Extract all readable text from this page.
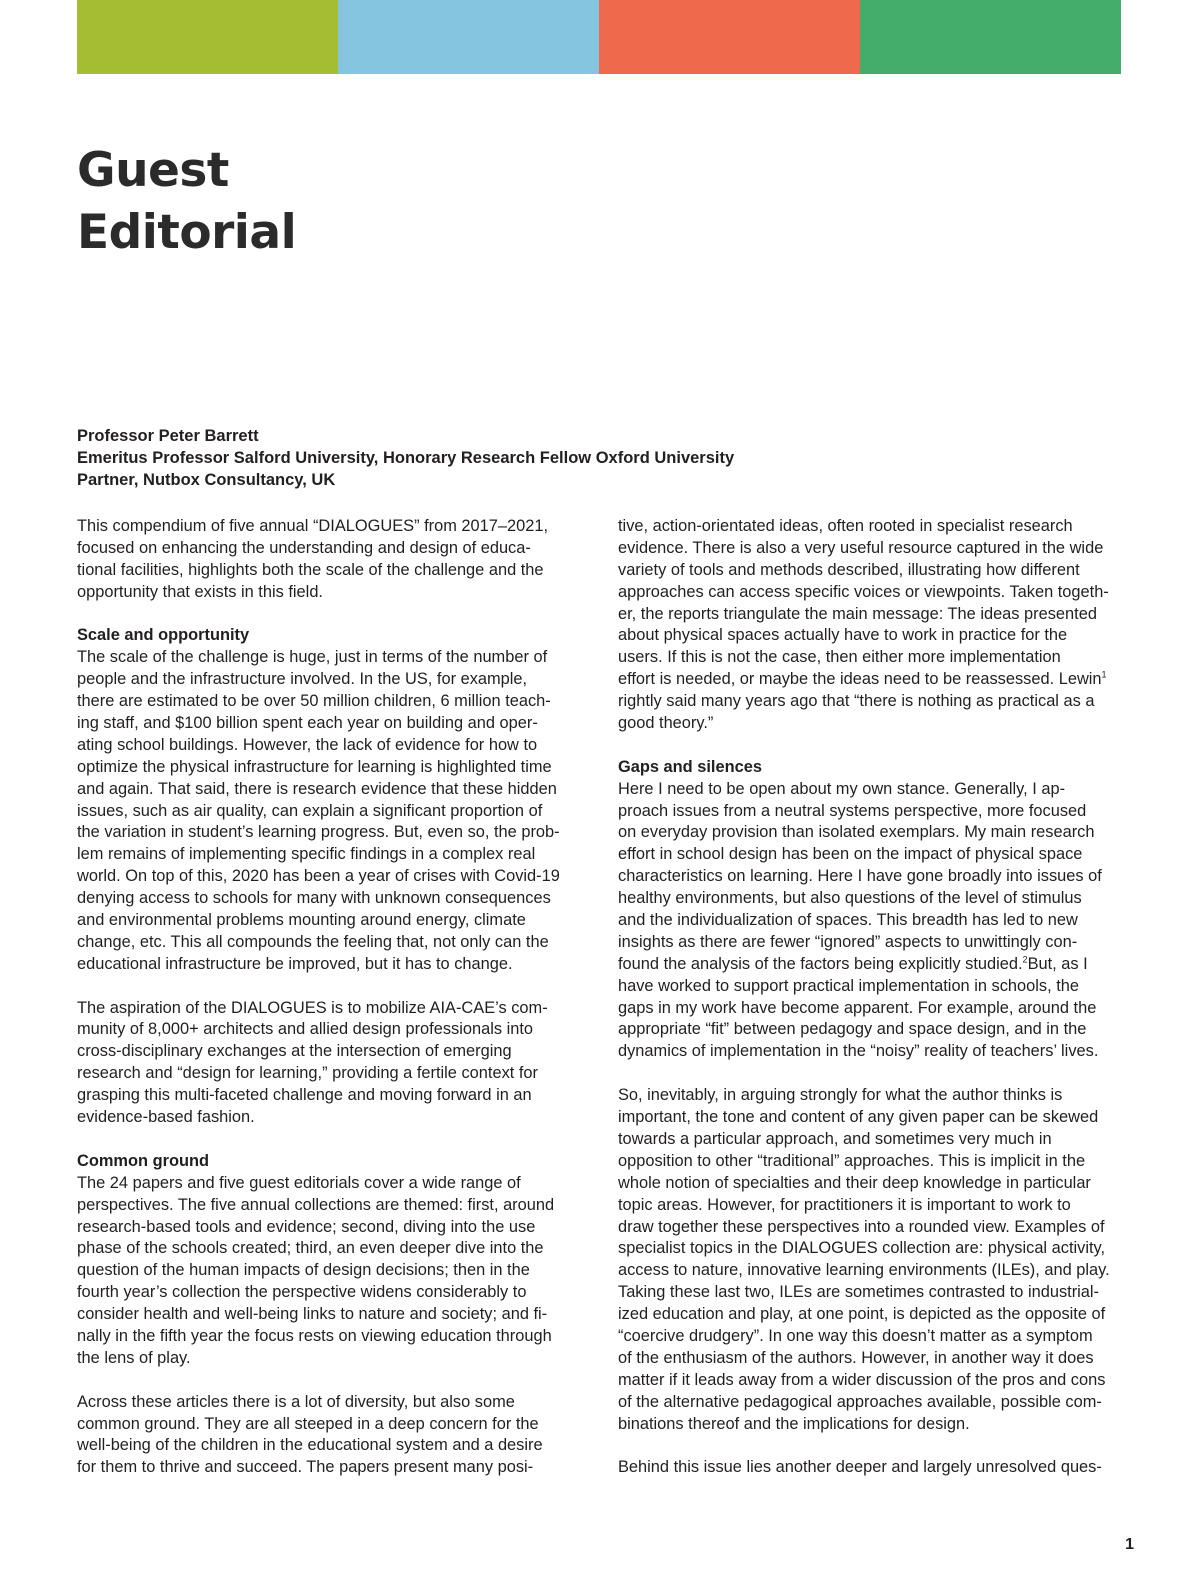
Guest
Editorial
Professor Peter Barrett
Emeritus Professor Salford University, Honorary Research Fellow Oxford University
Partner, Nutbox Consultancy, UK
This compendium of five annual “DIALOGUES” from 2017–2021,
focused on enhancing the understanding and design of educa-
tional facilities, highlights both the scale of the challenge and the
opportunity that exists in this field.
Scale and opportunity
The scale of the challenge is huge, just in terms of the number of
people and the infrastructure involved. In the US, for example,
there are estimated to be over 50 million children, 6 million teach-
ing staff, and $100 billion spent each year on building and oper-
ating school buildings. However, the lack of evidence for how to
optimize the physical infrastructure for learning is highlighted time
and again. That said, there is research evidence that these hidden
issues, such as air quality, can explain a significant proportion of
the variation in student’s learning progress. But, even so, the prob-
lem remains of implementing specific findings in a complex real
world. On top of this, 2020 has been a year of crises with Covid-19
denying access to schools for many with unknown consequences
and environmental problems mounting around energy, climate
change, etc. This all compounds the feeling that, not only can the
educational infrastructure be improved, but it has to change.
The aspiration of the DIALOGUES is to mobilize AIA-CAE’s com-
munity of 8,000+ architects and allied design professionals into
cross-disciplinary exchanges at the intersection of emerging
research and “design for learning,” providing a fertile context for
grasping this multi-faceted challenge and moving forward in an
evidence-based fashion.
Common ground
The 24 papers and five guest editorials cover a wide range of
perspectives. The five annual collections are themed: first, around
research-based tools and evidence; second, diving into the use
phase of the schools created; third, an even deeper dive into the
question of the human impacts of design decisions; then in the
fourth year’s collection the perspective widens considerably to
consider health and well-being links to nature and society; and fi-
nally in the fifth year the focus rests on viewing education through
the lens of play.
Across these articles there is a lot of diversity, but also some
common ground. They are all steeped in a deep concern for the
well-being of the children in the educational system and a desire
for them to thrive and succeed. The papers present many posi-
tive, action-orientated ideas, often rooted in specialist research
evidence. There is also a very useful resource captured in the wide
variety of tools and methods described, illustrating how different
approaches can access specific voices or viewpoints. Taken togeth-
er, the reports triangulate the main message: The ideas presented
about physical spaces actually have to work in practice for the
users. If this is not the case, then either more implementation
effort is needed, or maybe the ideas need to be reassessed. Lewin$^1$
rightly said many years ago that “there is nothing as practical as a
good theory.”
Gaps and silences
Here I need to be open about my own stance. Generally, I ap-
proach issues from a neutral systems perspective, more focused
on everyday provision than isolated exemplars. My main research
effort in school design has been on the impact of physical space
characteristics on learning. Here I have gone broadly into issues of
healthy environments, but also questions of the level of stimulus
and the individualization of spaces. This breadth has led to new
insights as there are fewer “ignored” aspects to unwittingly con-
found the analysis of the factors being explicitly studied.$^2$But, as I
have worked to support practical implementation in schools, the
gaps in my work have become apparent. For example, around the
appropriate “fit” between pedagogy and space design, and in the
dynamics of implementation in the “noisy” reality of teachers’ lives.
So, inevitably, in arguing strongly for what the author thinks is
important, the tone and content of any given paper can be skewed
towards a particular approach, and sometimes very much in
opposition to other “traditional” approaches. This is implicit in the
whole notion of specialties and their deep knowledge in particular
topic areas. However, for practitioners it is important to work to
draw together these perspectives into a rounded view. Examples of
specialist topics in the DIALOGUES collection are: physical activity,
access to nature, innovative learning environments (ILEs), and play.
Taking these last two, ILEs are sometimes contrasted to industrial-
ized education and play, at one point, is depicted as the opposite of
“coercive drudgery”. In one way this doesn’t matter as a symptom
of the enthusiasm of the authors. However, in another way it does
matter if it leads away from a wider discussion of the pros and cons
of the alternative pedagogical approaches available, possible com-
binations thereof and the implications for design.
Behind this issue lies another deeper and largely unresolved ques-
1
